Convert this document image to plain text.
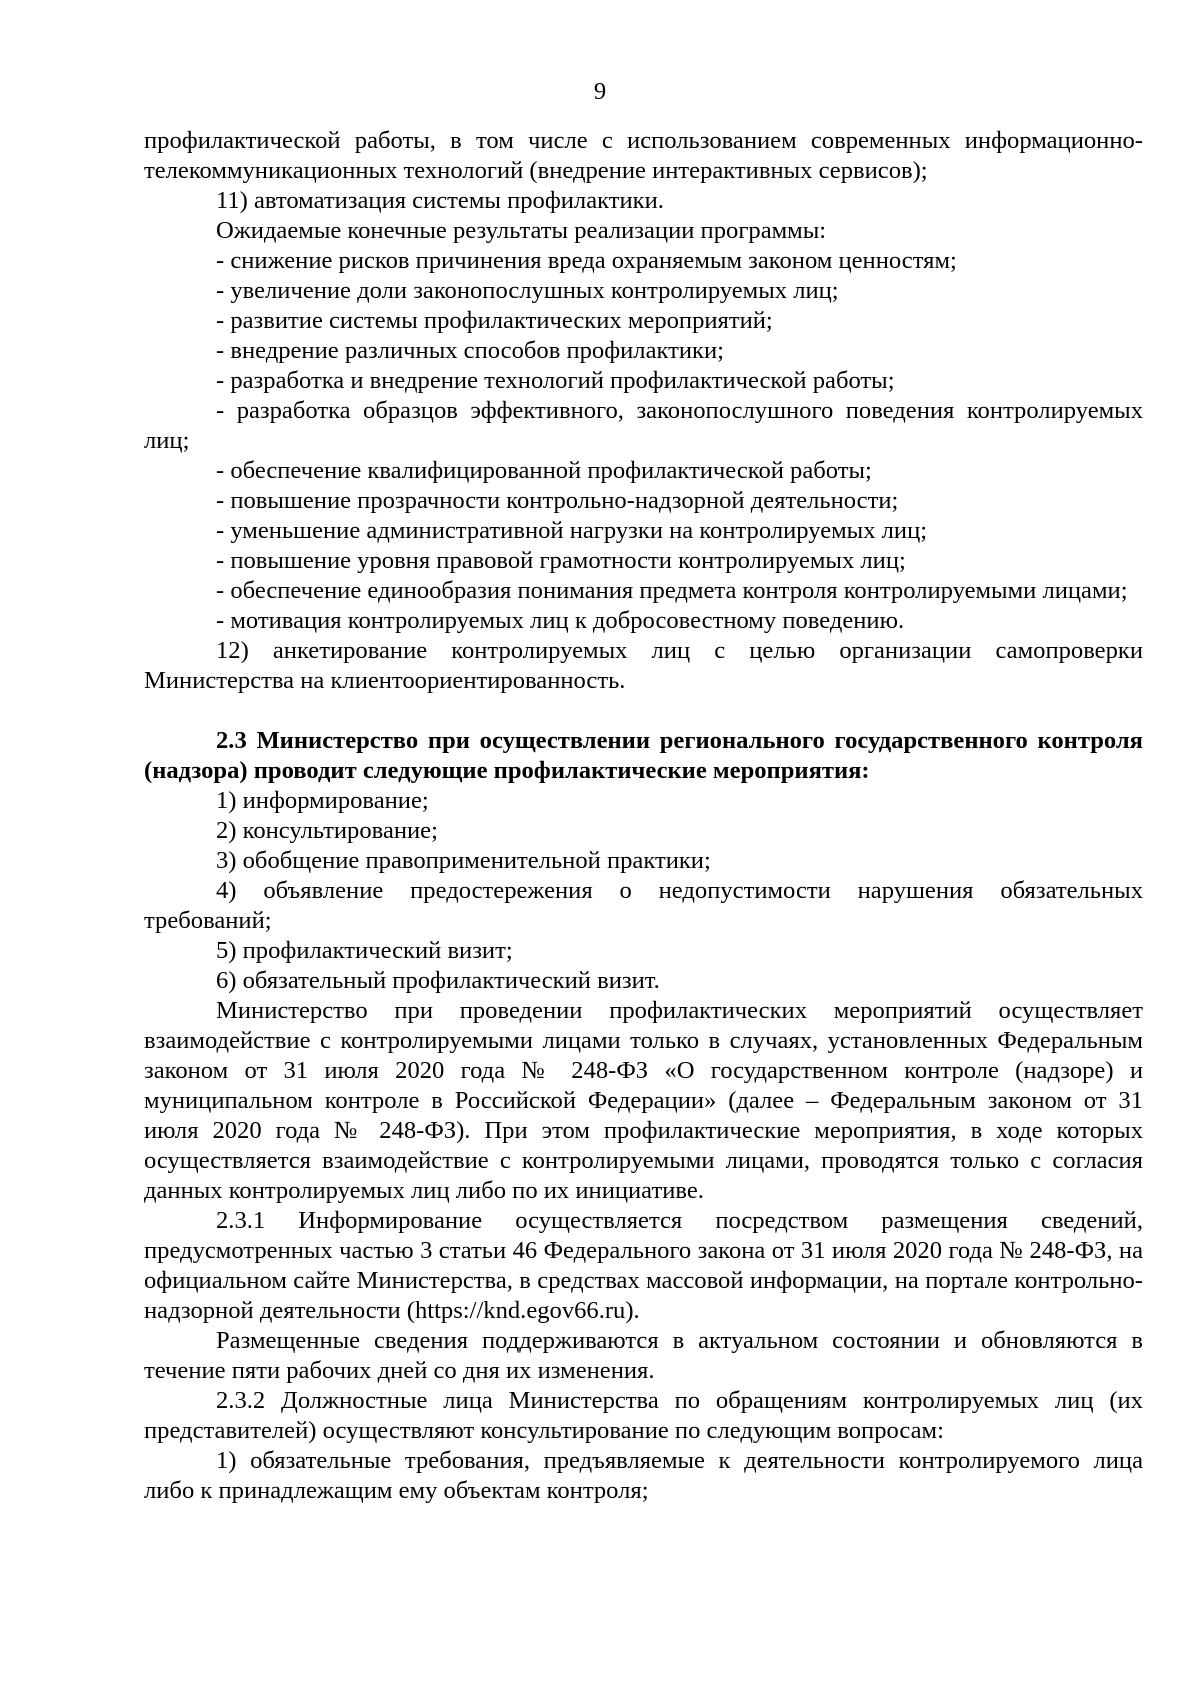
9

профилактической работы, в том числе с использованием современных информационно-телекоммуникационных технологий (внедрение интерактивных сервисов);

11) автоматизация системы профилактики.

Ожидаемые конечные результаты реализации программы:

- снижение рисков причинения вреда охраняемым законом ценностям;

- увеличение доли законопослушных контролируемых лиц;

- развитие системы профилактических мероприятий;

- внедрение различных способов профилактики;

- разработка и внедрение технологий профилактической работы;

- разработка образцов эффективного, законопослушного поведения контролируемых лиц;

- обеспечение квалифицированной профилактической работы;

- повышение прозрачности контрольно-надзорной деятельности;

- уменьшение административной нагрузки на контролируемых лиц;

- повышение уровня правовой грамотности контролируемых лиц;

- обеспечение единообразия понимания предмета контроля контролируемыми лицами;

- мотивация контролируемых лиц к добросовестному поведению.

12) анкетирование контролируемых лиц с целью организации самопроверки Министерства на клиентоориентированность.

2.3 Министерство при осуществлении регионального государственного контроля (надзора) проводит следующие профилактические мероприятия:

1) информирование;

2) консультирование;

3) обобщение правоприменительной практики;

4) объявление предостережения о недопустимости нарушения обязательных требований;

5) профилактический визит;

6) обязательный профилактический визит.

Министерство при проведении профилактических мероприятий осуществляет взаимодействие с контролируемыми лицами только в случаях, установленных Федеральным законом от 31 июля 2020 года № 248-ФЗ «О государственном контроле (надзоре) и муниципальном контроле в Российской Федерации» (далее – Федеральным законом от 31 июля 2020 года № 248-ФЗ). При этом профилактические мероприятия, в ходе которых осуществляется взаимодействие с контролируемыми лицами, проводятся только с согласия данных контролируемых лиц либо по их инициативе.

2.3.1 Информирование осуществляется посредством размещения сведений, предусмотренных частью 3 статьи 46 Федерального закона от 31 июля 2020 года № 248-ФЗ, на официальном сайте Министерства, в средствах массовой информации, на портале контрольно-надзорной деятельности (https://knd.egov66.ru).

Размещенные сведения поддерживаются в актуальном состоянии и обновляются в течение пяти рабочих дней со дня их изменения.

2.3.2 Должностные лица Министерства по обращениям контролируемых лиц (их представителей) осуществляют консультирование по следующим вопросам:

1) обязательные требования, предъявляемые к деятельности контролируемого лица либо к принадлежащим ему объектам контроля;
